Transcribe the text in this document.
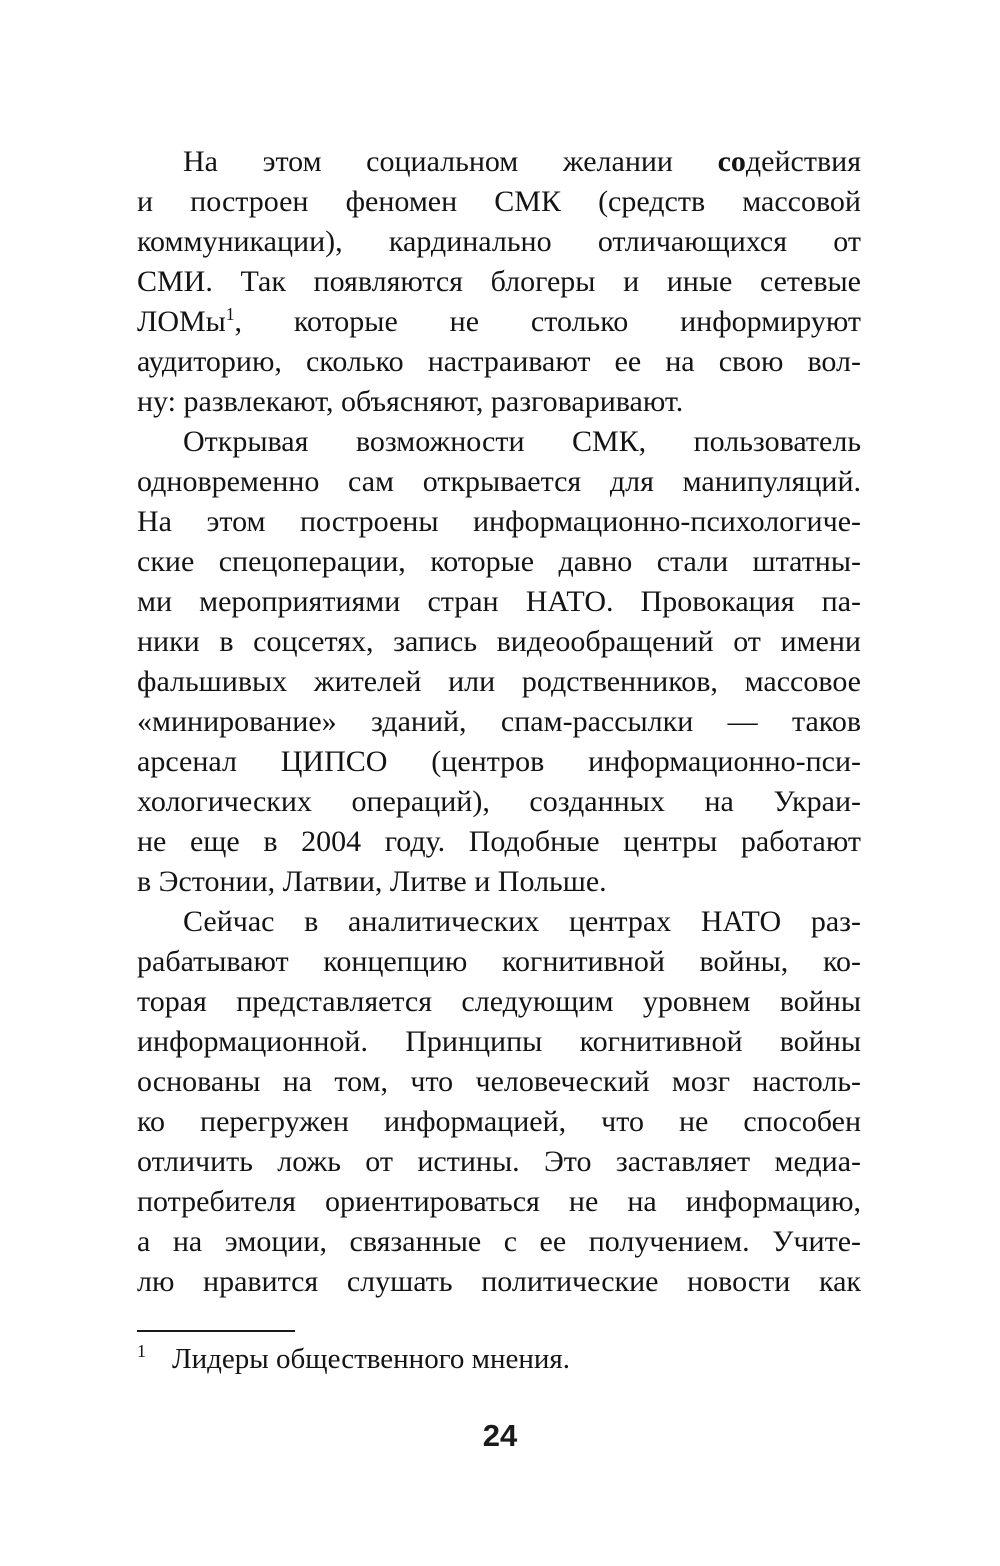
На этом социальном желании содействия
и построен феномен СМК (средств массовой
коммуникации), кардинально отличающихся от
СМИ. Так появляются блогеры и иные сетевые
ЛОМы$^1$, которые не столько информируют
аудиторию, сколько настраивают ее на свою вол-
ну: развлекают, объясняют, разговаривают.
Открывая возможности СМК, пользователь
одновременно сам открывается для манипуляций.
На этом построены информационно-психологиче-
ские спецоперации, которые давно стали штатны-
ми мероприятиями стран НАТО. Провокация па-
ники в соцсетях, запись видеообращений от имени
фальшивых жителей или родственников, массовое
«минирование» зданий, спам-рассылки — таков
арсенал ЦИПСО (центров информационно-пси-
хологических операций), созданных на Украи-
не еще в 2004 году. Подобные центры работают
в Эстонии, Латвии, Литве и Польше.
Сейчас в аналитических центрах НАТО раз-
рабатывают концепцию когнитивной войны, ко-
торая представляется следующим уровнем войны
информационной. Принципы когнитивной войны
основаны на том, что человеческий мозг настоль-
ко перегружен информацией, что не способен
отличить ложь от истины. Это заставляет медиа-
потребителя ориентироваться не на информацию,
а на эмоции, связанные с ее получением. Учите-
лю нравится слушать политические новости как

$^1$ Лидеры общественного мнения.

24
